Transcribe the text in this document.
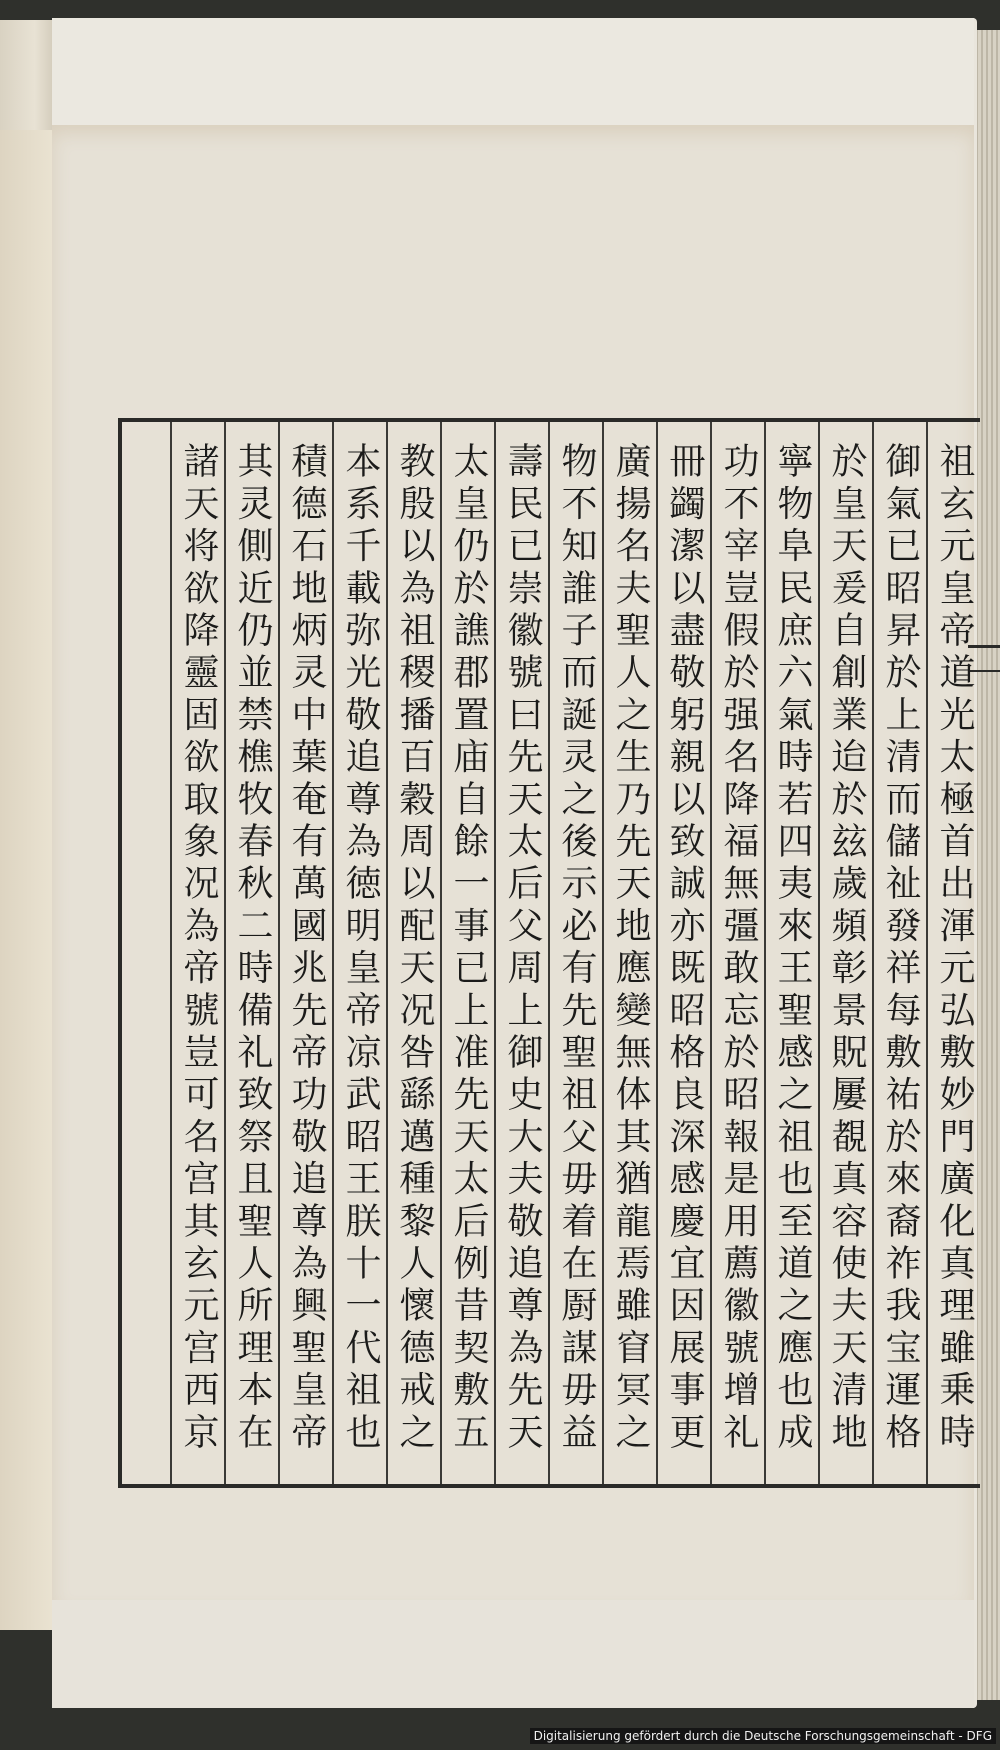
祖玄元皇帝道光太極首出渾元弘敷妙門廣化真理雖乗時
御氣已昭昇於上清而儲祉發祥每敷祐於來裔祚我宝運格
於皇天爰自創業迨於玆歲頻彰景貺屢覩真容使夫天清地
寧物阜民庶六氣時若四夷來王聖感之祖也至道之應也成
功不宰豈假於强名降福無彊敢忘於昭報是用薦徽號增礼
冊蠲潔以盡敬躬親以致誠亦既昭格良深感慶宜因展事更
廣揚名夫聖人之生乃先天地應變無体其猶龍焉雖窅冥之
物不知誰子而誕灵之後示必有先聖祖父毋着在㕑謀毋益
壽民已崇徽號曰先天太后父周上御史大夫敬追尊為先天
太皇仍於譙郡置庙自餘一事已上准先天太后例昔契敷五
教殷以為祖稷播百穀周以配天况咎繇邁種黎人懷德戒之
本系千載弥光敬追尊為徳明皇帝凉武昭王朕十一代祖也
積德石地炳灵中葉奄有萬國兆先帝功敬追尊為興聖皇帝
其灵側近仍並禁樵牧春秋二時備礼致祭且聖人所理本在
諸天将欲降靈固欲取象况為帝號豈可名宫其玄元宫西京
Digitalisierung gefördert durch die Deutsche Forschungsgemeinschaft - DFG
